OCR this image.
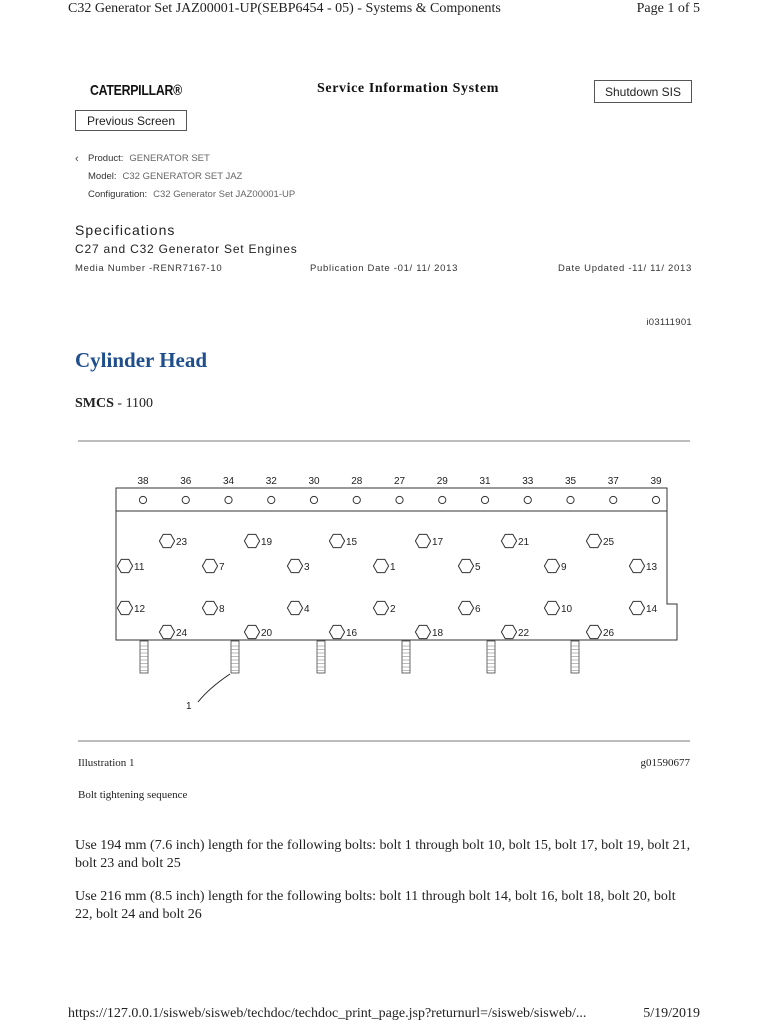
C32 Generator Set JAZ00001-UP(SEBP6454 - 05) - Systems & Components	Page 1 of 5
CATERPILLAR®	Service Information System	Shutdown SIS
Previous Screen
‹ Product: GENERATOR SET
Model: C32 GENERATOR SET JAZ
Configuration: C32 Generator Set JAZ00001-UP
Specifications
C27 and C32 Generator Set Engines
Media Number -RENR7167-10	Publication Date -01/ 11/ 2013	Date Updated -11/ 11/ 2013
i03111901
Cylinder Head
SMCS - 1100
38	36	34	32	30	28	27	29	31	33	35	37	39
23	19	15	17	21	25
11	7	3	1	5	9	13
12	8	4	2	6	10	14
24	20	16	18	22	26
1
Illustration 1	g01590677
Bolt tightening sequence
Use 194 mm (7.6 inch) length for the following bolts: bolt 1 through bolt 10, bolt 15, bolt 17, bolt 19, bolt 21, bolt 23 and bolt 25
Use 216 mm (8.5 inch) length for the following bolts: bolt 11 through bolt 14, bolt 16, bolt 18, bolt 20, bolt 22, bolt 24 and bolt 26
https://127.0.0.1/sisweb/sisweb/techdoc/techdoc_print_page.jsp?returnurl=/sisweb/sisweb/...	5/19/2019
